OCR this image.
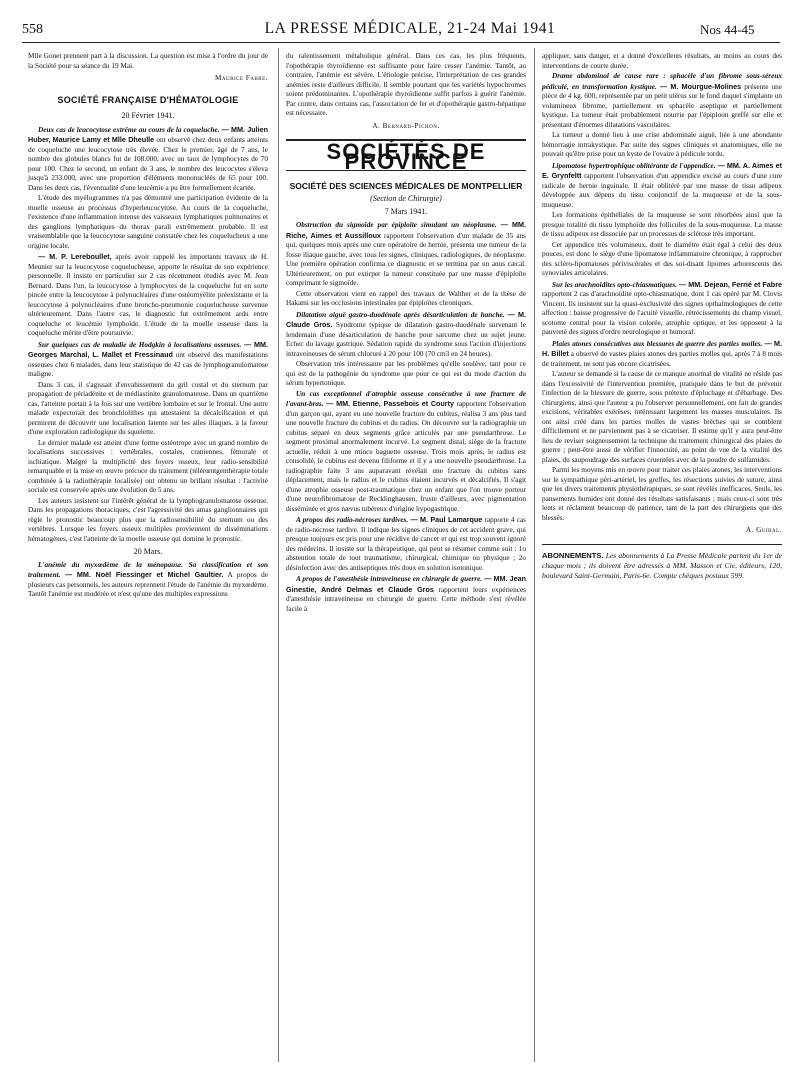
558	LA PRESSE MÉDICALE, 21-24 Mai 1941	Nos 44-45

Mlle Gonet prennent part à la discussion. La question est mise à l'ordre du jour de la Société pour sa séance du 19 Mai.

Maurice Fabre.
SOCIÉTÉ FRANÇAISE D'HÉMATOLOGIE
20 Février 1941.

Deux cas de leucocytose extrême au cours de la coqueluche. — MM. Julien Huber, Maurice Lamy et Mlle Dheulle ont observé chez deux enfants atteints de coqueluche une leucocytose très élevée. Chez le premier, âgé de 7 ans, le nombre des globules blancs fut de 108.000, avec un taux de lymphocytes de 70 pour 100. Chez le second, un enfant de 3 ans, le nombre des leucocytes s'éleva jusqu'à 233.000, avec une proportion d'éléments mononucléés de 65 pour 100. Dans les deux cas, l'éventualité d'une leucémie a pu être formellement écartée.

L'étude des myélogrammes n'a pas démontré une participation évidente de la moelle osseuse au processus d'hyperleucocytose. Au cours de la coqueluche, l'existence d'une inflammation intense des vaisseaux lymphatiques pulmonaires et des ganglions lymphatiques du thorax paraît extrêmement probable. Il est vraisemblable que la leucocytose sanguine constatée chez les coquelucheux a une origine locale.

— M. P. Lereboullet, après avoir rappelé les importants travaux de H. Meunier sur la leucocytose coquelucheuse, apporte le résultat de son expérience personnelle. Il insiste en particulier sur 2 cas récemment étudiés avec M. Jean Bernard. Dans l'un, la leucocytose à lymphocytes de la coqueluche fut en sorte pincée entre la leucocytose à polynucléaires d'une ostéomyélite préexistante et la leucocytose à polynucléaires d'une broncho-pneumonie coquelucheuse survenue ultérieurement. Dans l'autre cas, le diagnostic fut extrêmement ardu entre coqueluche et leucémie lymphoïde. L'étude de la moelle osseuse dans la coqueluche mérite d'être poursuivie.

Sur quelques cas de maladie de Hodgkin à localisations osseuses. — MM. Georges Marchal, L. Mallet et Fressinaud ont observé des manifestations osseuses chez 6 malades, dans leur statistique de 42 cas de lymphogranulomatose maligne.

Dans 3 cas, il s'agissait d'envahissement du gril costal et du sternum par propagation de périadénite et de médiastinite granulomateuse. Dans un quatrième cas, l'atteinte portait à la fois sur une vertèbre lombaire et sur le frontal. Une autre malade expectorait des bronchiolithes qui attestaient la décalcification et qui permirent de découvrir une localisation latente sur les ailes iliaques, à la faveur d'une exploration radiologique du squelette.

Le dernier malade est atteint d'une forme ostéotrope avec un grand nombre de localisations successives : vertébrales, costales, craniennes, fémorale et ischiatique. Malgré la multiplicité des foyers osseux, leur radio-sensibilité remarquable et la mise en œuvre précoce du traitement (télérœntgenthérapie totale combinée à la radiothérapie localisée) ont obtenu un brillant résultat : l'activité sociale est conservée après une évolution de 5 ans.

Les auteurs insistent sur l'intérêt général de la lymphogranulomatose osseuse. Dans les propagations thoraciques, c'est l'agressivité des amas ganglionnaires qui règle le pronostic beaucoup plus que la radiosensibilité du sternum ou des vertèbres. Lorsque les foyers osseux multiples proviennent de disséminations hématogènes, c'est l'atteinte de la moelle osseuse qui domine le pronostic.

20 Mars.

L'anémie du myxœdème de la ménopause. Sa classification et son traitement. — MM. Noël Fiessinger et Michel Gaultier. A propos de plusieurs cas personnels, les auteurs reprennent l'étude de l'anémie du myxœdème. Tantôt l'anémie est modérée et n'est qu'une des multiples expressions

du ralentissement métabolique général. Dans ces cas, les plus fréquents, l'opothérapie thyroïdienne est suffisante pour faire cesser l'anémie. Tantôt, au contraire, l'anémie est sévère. L'étiologie précise, l'interprétation de ces grandes anémies reste d'ailleurs difficile. Il semble pourtant que les variétés hypochromes soient prédominantes. L'opothérapie thyroïdienne suffit parfois à guérir l'anémie. Par contre, dans certains cas, l'association de fer et d'opothérapie gastro-hépatique est nécessaire.

A. Bernard-Pichon.
SOCIÉTÉS DE PROVINCE
SOCIÉTÉ DES SCIENCES MÉDICALES DE MONTPELLIER
(Section de Chirurgie)
7 Mars 1941.

Obstruction du sigmoïde par épiploïte simulant un néoplasme. — MM. Riche, Aimes et Aussilloux rapportent l'observation d'un malade de 35 ans qui, quelques mois après une cure opératoire de hernie, présenta une tumeur de la fosse iliaque gauche, avec tous les signes, cliniques, radiologiques, de néoplasme. Une première opération confirma ce diagnostic et se termina par un anus cæcal. Ultérieurement, on put extirper la tumeur constituée par une masse d'épiploïte comprimant le sigmoïde.

Cette observation vient en rappel des travaux de Walther et de la thèse de Hakami sur les occlusions intestinales par épiploïtes chroniques.

Dilatation aiguë gastro-duodénale après désarticulation de hanche. — M. Claude Gros. Syndrome typique de dilatation gastro-duodénale survenant le lendemain d'une désarticulation de hanche pour sarcome chez un sujet jeune. Echec du lavage gastrique. Sédation rapide du syndrome sous l'action d'injections intraveineuses de sérum chloruré à 20 pour 100 (70 cm3 en 24 heures).

Observation très intéressante par les problèmes qu'elle soulève, tant pour ce qui est de la pathogénie du syndrome que pour ce qui est du mode d'action du sérum hypertonique.

Un cas exceptionnel d'atrophie osseuse consécutive à une fracture de l'avant-bras. — MM. Etienne, Passebois et Courty rapportent l'observation d'un garçon qui, ayant eu une nouvelle fracture du cubitus, réalisa 3 ans plus tard une nouvelle fracture du cubitus et du radius. On découvre sur la radiographie un cubitus séparé en deux segments grâce articulés par une pseudarthrose. Le segment proximal anormalement incurvé. Le segment distal, siège de la fracture actuelle, réduit à une mince baguette osseuse. Trois mois après, le radius est consolidé, le cubitus est devenu filiforme et il y a une nouvelle pseudarthrose. La radiographie faite 3 ans auparavant révélait une fracture du cubitus sans déplacement, mais le radius et le cubitus étaient incurvés et décalcifiés. Il s'agit d'une atrophie osseuse post-traumatique chez un enfant que l'on trouve porteur d'une neurofibromatose de Recklinghausen, fruste d'ailleurs, avec pigmentation disséminée et gros nævus tubéreux d'origine hypogastrique.

A propos des radio-nécroses tardives. — M. Paul Lamarque rapporte 4 cas de radio-nécrose tardive. Il indique les signes cliniques de cet accident grave, qui presque toujours est pris pour une récidive de cancer et qui est trop souvent ignoré des médecins. Il insiste sur la thérapeutique, qui peut se résumer comme suit : 1o abstention totale de tout traumatisme, chirurgical, chimique ou physique ; 2o désinfection avec des antiseptiques très doux en solution isotonique.

A propos de l'anesthésie intraveineuse en chirurgie de guerre. — MM. Jean Ginestie, André Delmas et Claude Gros rapportent leurs expériences d'anesthésie intraveineuse en chirurgie de guerre. Cette méthode s'est révélée facile à

appliquer, sans danger, et a donné d'excellents résultats, au moins au cours des interventions de courte durée.

Drame abdominal de cause rare : sphacèle d'un fibrome sous-séreux pédiculé, en transformation kystique. — M. Mourgue-Molines présente une pièce de 4 kg. 600, représentée par un petit utérus sur le fond duquel s'implante un volumineux fibrome, partiellement en sphacèle aseptique et partiellement kystique. La tumeur était probablement nourrie par l'épiploon greffé sur elle et présentant d'énormes dilatations vasculaires.

La tumeur a donné lieu à une crise abdominale aiguë, liée à une abondante hémorragie intrakystique. Par suite des signes cliniques et anatomiques, elle ne pouvait qu'être prise pour un kyste de l'ovaire à pédicule tordu.

Lipomatose hypertrophique oblitérante de l'appendice. — MM. A. Aimes et E. Grynfeltt rapportent l'observation d'un appendice excisé au cours d'une cure radicale de hernie inguinale. Il était oblitéré par une masse de tissu adipeux développée aux dépens du tissu conjonctif de la muqueuse et de la sous-muqueuse.

Les formations épithéliales de la muqueuse se sont résorbées ainsi que la presque totalité du tissu lymphoïde des follicules de la sous-muqueuse. La masse de tissu adipeux est dissociée par un processus de sclérose très important.

Cet appendice très volumineux, dont le diamètre était égal à celui des deux pouces, est donc le siège d'une lipomatose inflammatoire chronique, à rapprocher des scléro-lipomatoses périviscérales et des soi-disant lipomes arborescents des synoviales articulaires.

Sur les arachnoïdites opto-chiasmatiques. — MM. Dejean, Ferrié et Fabre rapportent 2 cas d'arachnoïdite opto-chiasmatique, dont 1 cas opéré par M. Clovis Vincent. Ils insistent sur la quasi-exclusivité des signes opthalmologiques de cette affection : baisse progressive de l'acuité visuelle, rétrécissements du champ visuel, scotome central pour la vision colorée, atrophie optique, et les opposent à la pauvreté des signes d'ordre neurologique et humoral.

Plaies atones consécutives aux blessures de guerre des parties molles. — M. H. Billet a observé de vastes plaies atones des parties molles qui, après 7 à 8 mois de traitement, ne sont pas encore cicatrisées.

L'auteur se demande si la cause de ce manque anormal de vitalité ne réside pas dans l'excessivité de l'intervention première, pratiquée dans le but de prévenir l'infection de la blessure de guerre, sous prétexte d'épluchage et d'ébarbage. Des chirurgiens, ainsi que l'auteur a pu l'observer personnellement, ont fait de grandes excisions, véritables exérèses, intéressant largement les masses musculaires. Ils ont ainsi créé dans les parties molles de vastes brèches qui se comblent difficilement et ne parviennent pas à se cicatriser. Il estime qu'il y aura peut-être lieu de reviser soigneusement la technique du traitement chirurgical des plaies de guerre ; peut-être aussi de vérifier l'innocuité, au point de vue de la vitalité des plaies, du saupoudrage des surfaces cruentées avec de la poudre de sulfamides.

Parmi les moyens mis en œuvre pour traiter ces plaies atones, les interventions sur le sympathique péri-artériel, les greffes, les résections suivies de suture, ainsi que les divers traitements physiothérapiques, se sont révélés inefficaces. Seuls, les pansements humides ont donné des résultats satisfaisants ; mais ceux-ci sont très lents et réclament beaucoup de patience, tant de la part des chirurgiens que des blessés.

A. Guibal.
ABONNEMENTS. Les abonnements à La Presse Médicale partent du 1er de chaque mois ; ils doivent être adressés à MM. Masson et Cie, éditeurs, 120, boulevard Saint-Germain, Paris-6e. Compte chèques postaux 599.
